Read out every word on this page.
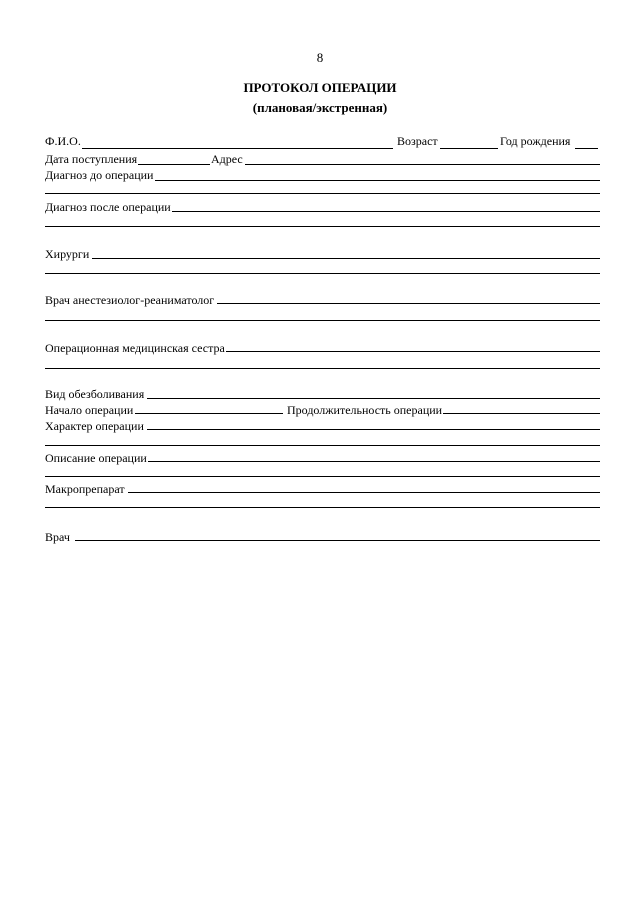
8
ПРОТОКОЛ ОПЕРАЦИИ
(плановая/экстренная)
Ф.И.О.	Возраст	Год рождения
Дата поступления	Адрес
Диагноз до операции
Диагноз после операции
Хирурги
Врач анестезиолог-реаниматолог
Операционная медицинская сестра
Вид обезболивания
Начало операции	Продолжительность операции
Характер операции
Описание операции
Макропрепарат
Врач
